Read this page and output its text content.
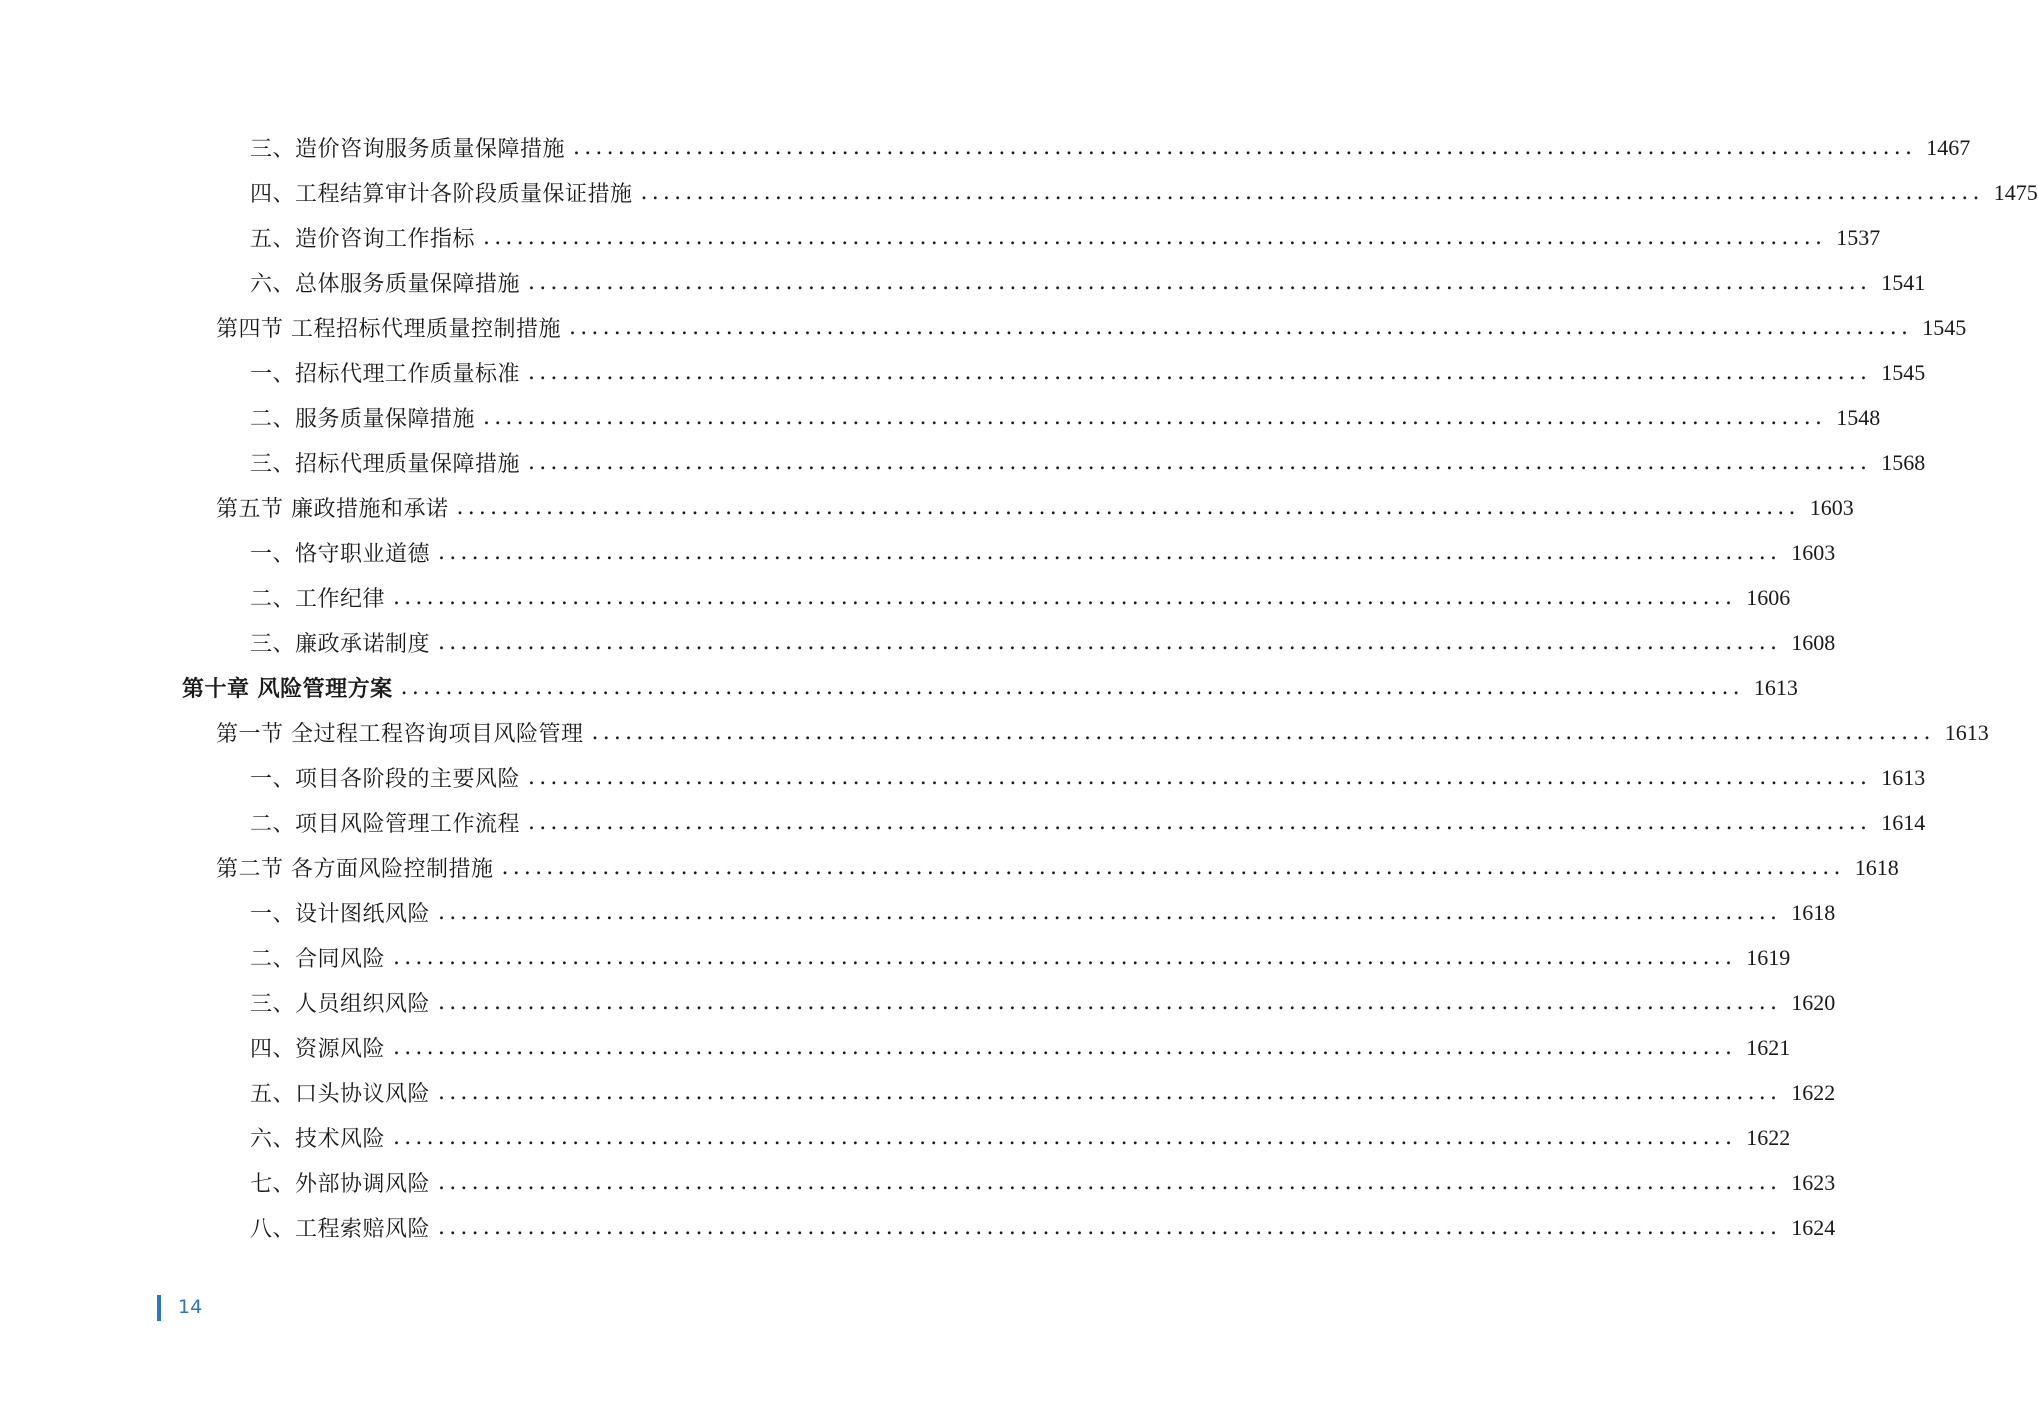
三、造价咨询服务质量保障措施 ........................................................................................................................ 1467
四、工程结算审计各阶段质量保证措施 ........................................................................................................................ 1475
五、造价咨询工作指标 ........................................................................................................................ 1537
六、总体服务质量保障措施 ........................................................................................................................ 1541
第四节 工程招标代理质量控制措施 ........................................................................................................................ 1545
一、招标代理工作质量标准 ........................................................................................................................ 1545
二、服务质量保障措施 ........................................................................................................................ 1548
三、招标代理质量保障措施 ........................................................................................................................ 1568
第五节 廉政措施和承诺 ........................................................................................................................ 1603
一、恪守职业道德 ........................................................................................................................ 1603
二、工作纪律 ........................................................................................................................ 1606
三、廉政承诺制度 ........................................................................................................................ 1608
第十章 风险管理方案 ........................................................................................................................ 1613
第一节 全过程工程咨询项目风险管理 ........................................................................................................................ 1613
一、项目各阶段的主要风险 ........................................................................................................................ 1613
二、项目风险管理工作流程 ........................................................................................................................ 1614
第二节 各方面风险控制措施 ........................................................................................................................ 1618
一、设计图纸风险 ........................................................................................................................ 1618
二、合同风险 ........................................................................................................................ 1619
三、人员组织风险 ........................................................................................................................ 1620
四、资源风险 ........................................................................................................................ 1621
五、口头协议风险 ........................................................................................................................ 1622
六、技术风险 ........................................................................................................................ 1622
七、外部协调风险 ........................................................................................................................ 1623
八、工程索赔风险 ........................................................................................................................ 1624
14
